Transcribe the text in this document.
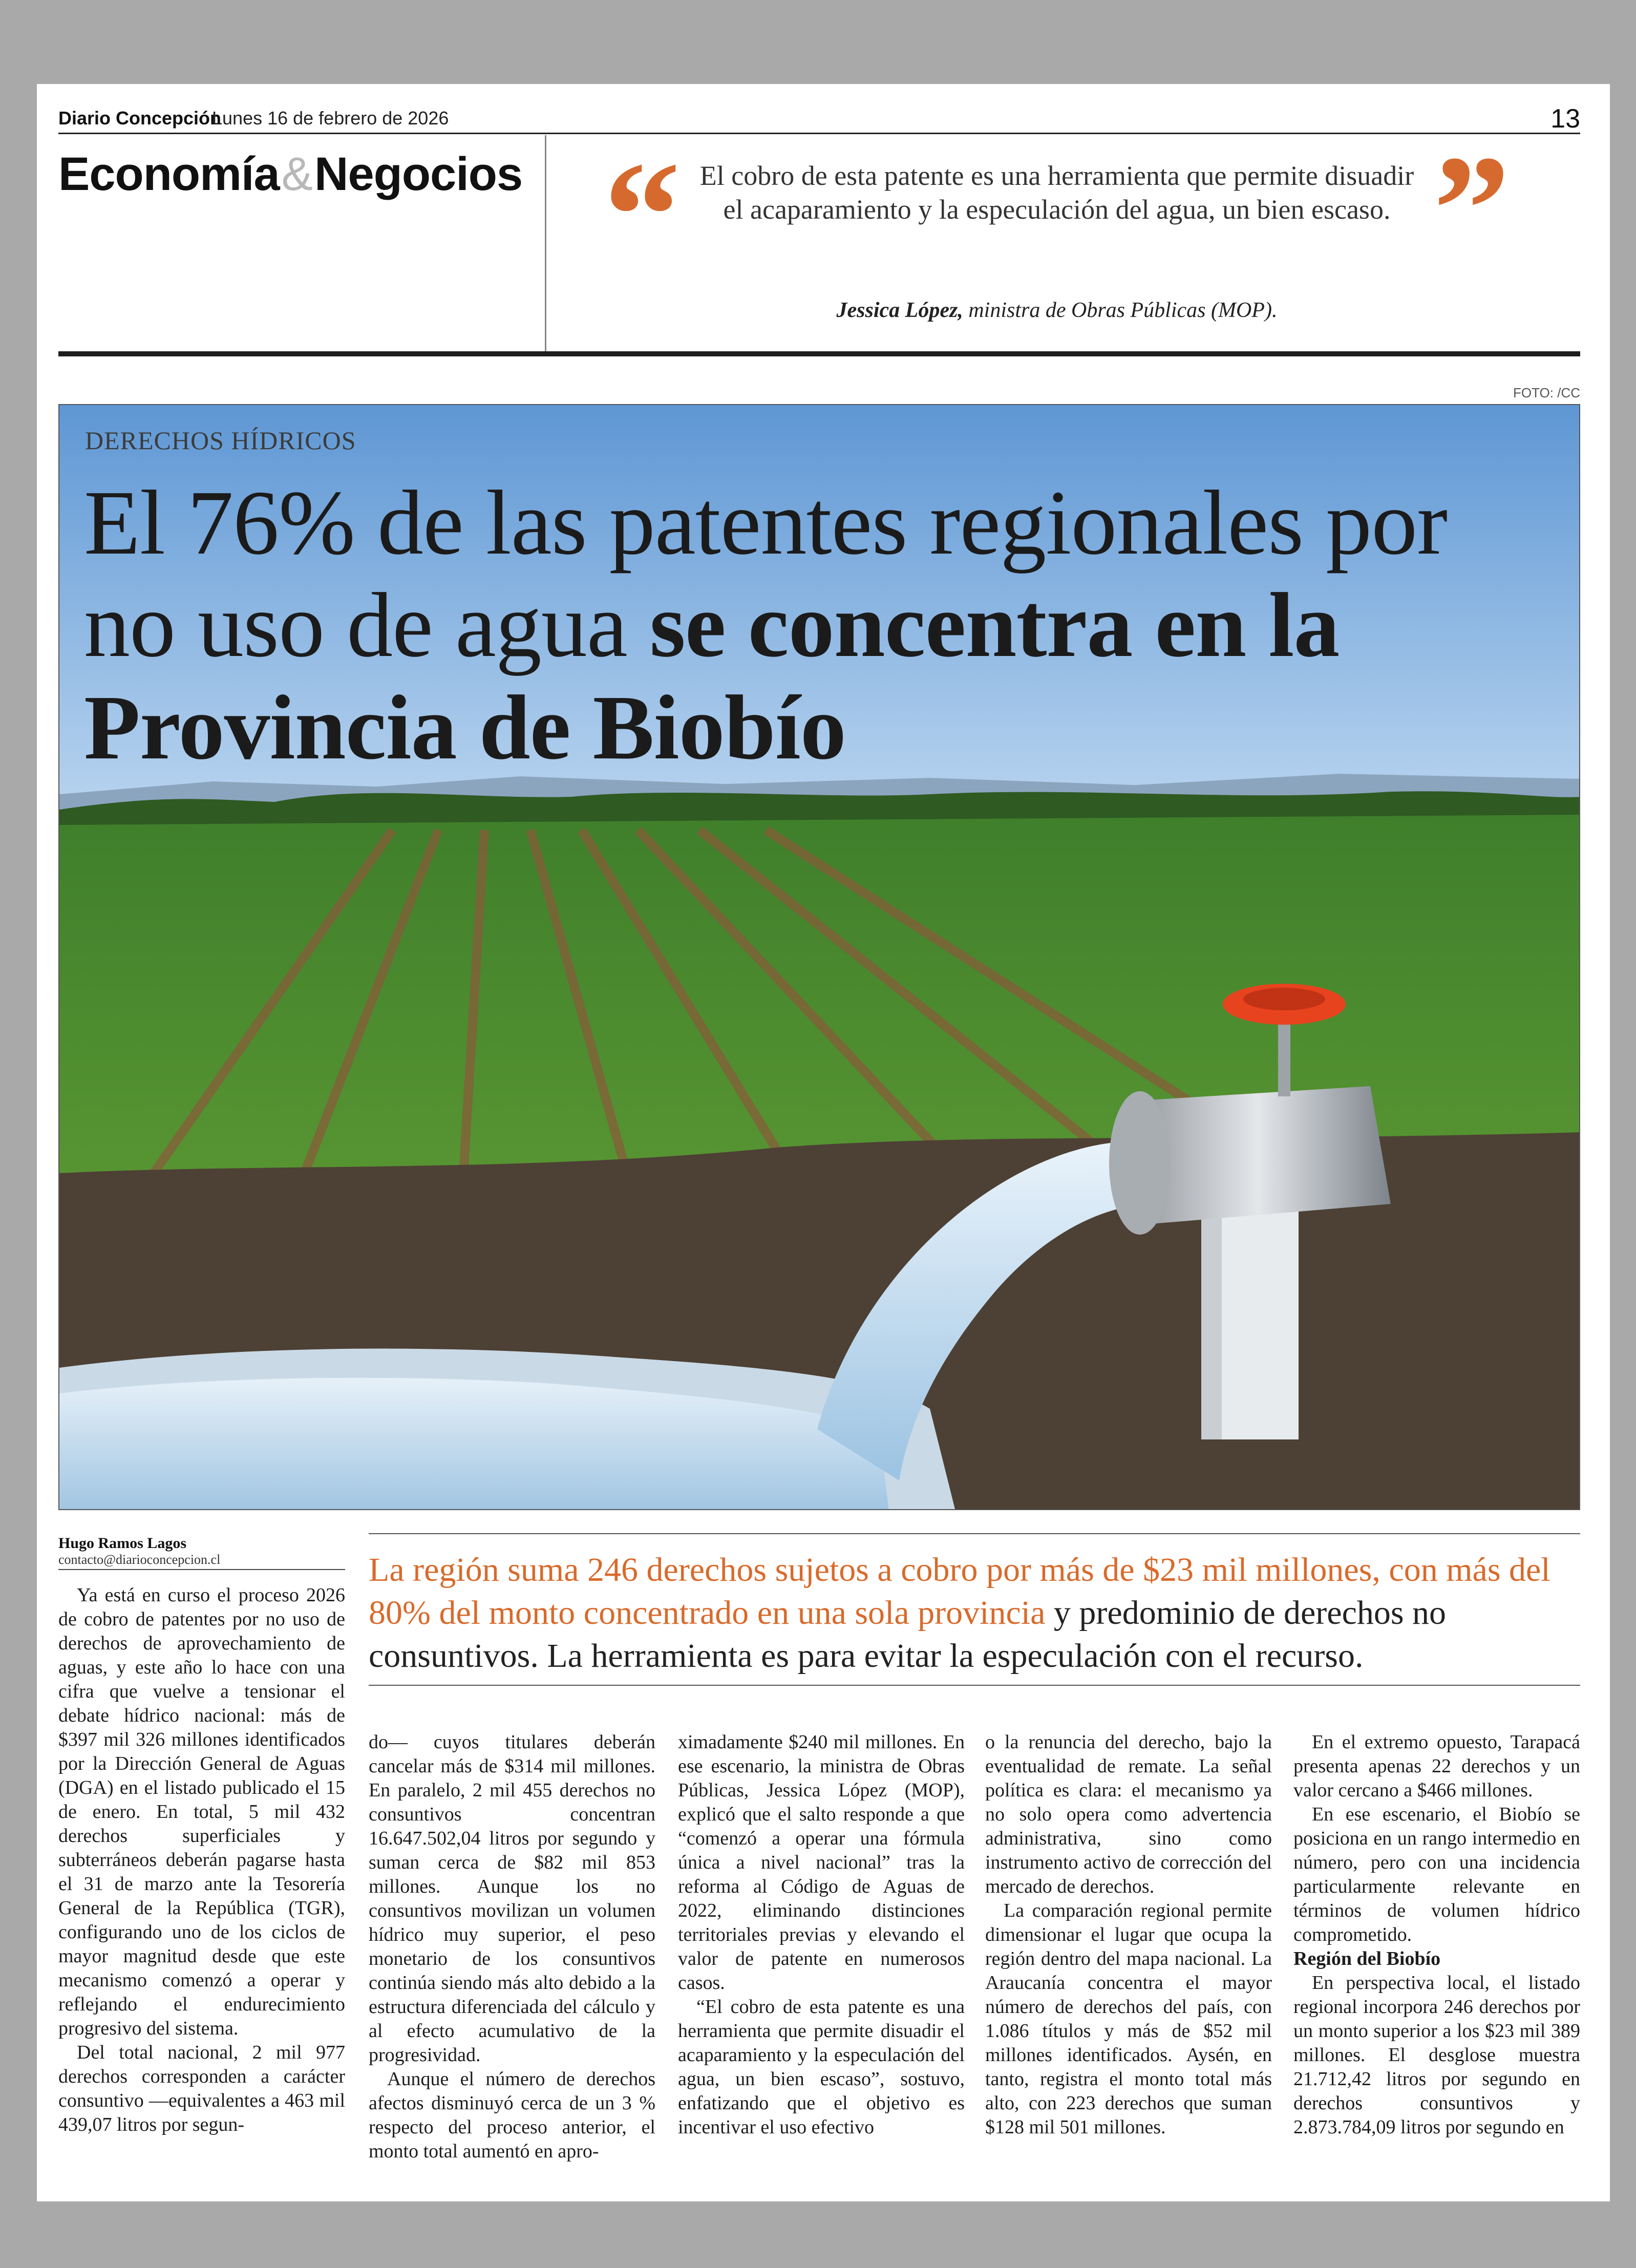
Diario Concepción
Lunes 16 de febrero de 2026	13
Economía&Negocios “ El cobro de esta patente es una herramienta que permite disuadir el acaparamiento y la especulación del agua, un bien escaso. ”
Jessica López, ministra de Obras Públicas (MOP).
FOTO: /CC
DERECHOS HÍDRICOS
El 76% de las patentes regionales por no uso de agua se concentra en la Provincia de Biobío
Hugo Ramos Lagos
contacto@diarioconcepcion.cl	La región suma 246 derechos sujetos a cobro por más de $23 mil millones, con más del 80% del monto concentrado en una sola provincia y predominio de derechos no consuntivos. La herramienta es para evitar la especulación con el recurso.

Ya está en curso el proceso 2026 de cobro de patentes por no uso de derechos de aprovechamiento de aguas, y este año lo hace con una cifra que vuelve a tensionar el debate hídrico nacional: más de $397 mil 326 millones identificados por la Dirección General de Aguas (DGA) en el listado publicado el 15 de enero. En total, 5 mil 432 derechos superficiales y subterráneos deberán pagarse hasta el 31 de marzo ante la Tesorería General de la República (TGR), configurando uno de los ciclos de mayor magnitud desde que este mecanismo comenzó a operar y reflejando el endurecimiento progresivo del sistema.

Del total nacional, 2 mil 977 derechos corresponden a carácter consuntivo —equivalentes a 463 mil 439,07 litros por segun-

do— cuyos titulares deberán cancelar más de $314 mil millones. En paralelo, 2 mil 455 derechos no consuntivos concentran 16.647.502,04 litros por segundo y suman cerca de $82 mil 853 millones. Aunque los no consuntivos movilizan un volumen hídrico muy superior, el peso monetario de los consuntivos continúa siendo más alto debido a la estructura diferenciada del cálculo y al efecto acumulativo de la progresividad.

Aunque el número de derechos afectos disminuyó cerca de un 3 % respecto del proceso anterior, el monto total aumentó en apro-

ximadamente $240 mil millones. En ese escenario, la ministra de Obras Públicas, Jessica López (MOP), explicó que el salto responde a que “comenzó a operar una fórmula única a nivel nacional” tras la reforma al Código de Aguas de 2022, eliminando distinciones territoriales previas y elevando el valor de patente en numerosos casos.

“El cobro de esta patente es una herramienta que permite disuadir el acaparamiento y la especulación del agua, un bien escaso”, sostuvo, enfatizando que el objetivo es incentivar el uso efectivo

o la renuncia del derecho, bajo la eventualidad de remate. La señal política es clara: el mecanismo ya no solo opera como advertencia administrativa, sino como instrumento activo de corrección del mercado de derechos.

La comparación regional permite dimensionar el lugar que ocupa la región dentro del mapa nacional. La Araucanía concentra el mayor número de derechos del país, con 1.086 títulos y más de $52 mil millones identificados. Aysén, en tanto, registra el monto total más alto, con 223 derechos que suman $128 mil 501 millones.

En el extremo opuesto, Tarapacá presenta apenas 22 derechos y un valor cercano a $466 millones.

En ese escenario, el Biobío se posiciona en un rango intermedio en número, pero con una incidencia particularmente relevante en términos de volumen hídrico comprometido.

Región del Biobío

En perspectiva local, el listado regional incorpora 246 derechos por un monto superior a los $23 mil 389 millones. El desglose muestra 21.712,42 litros por segundo en derechos consuntivos y 2.873.784,09 litros por segundo en
